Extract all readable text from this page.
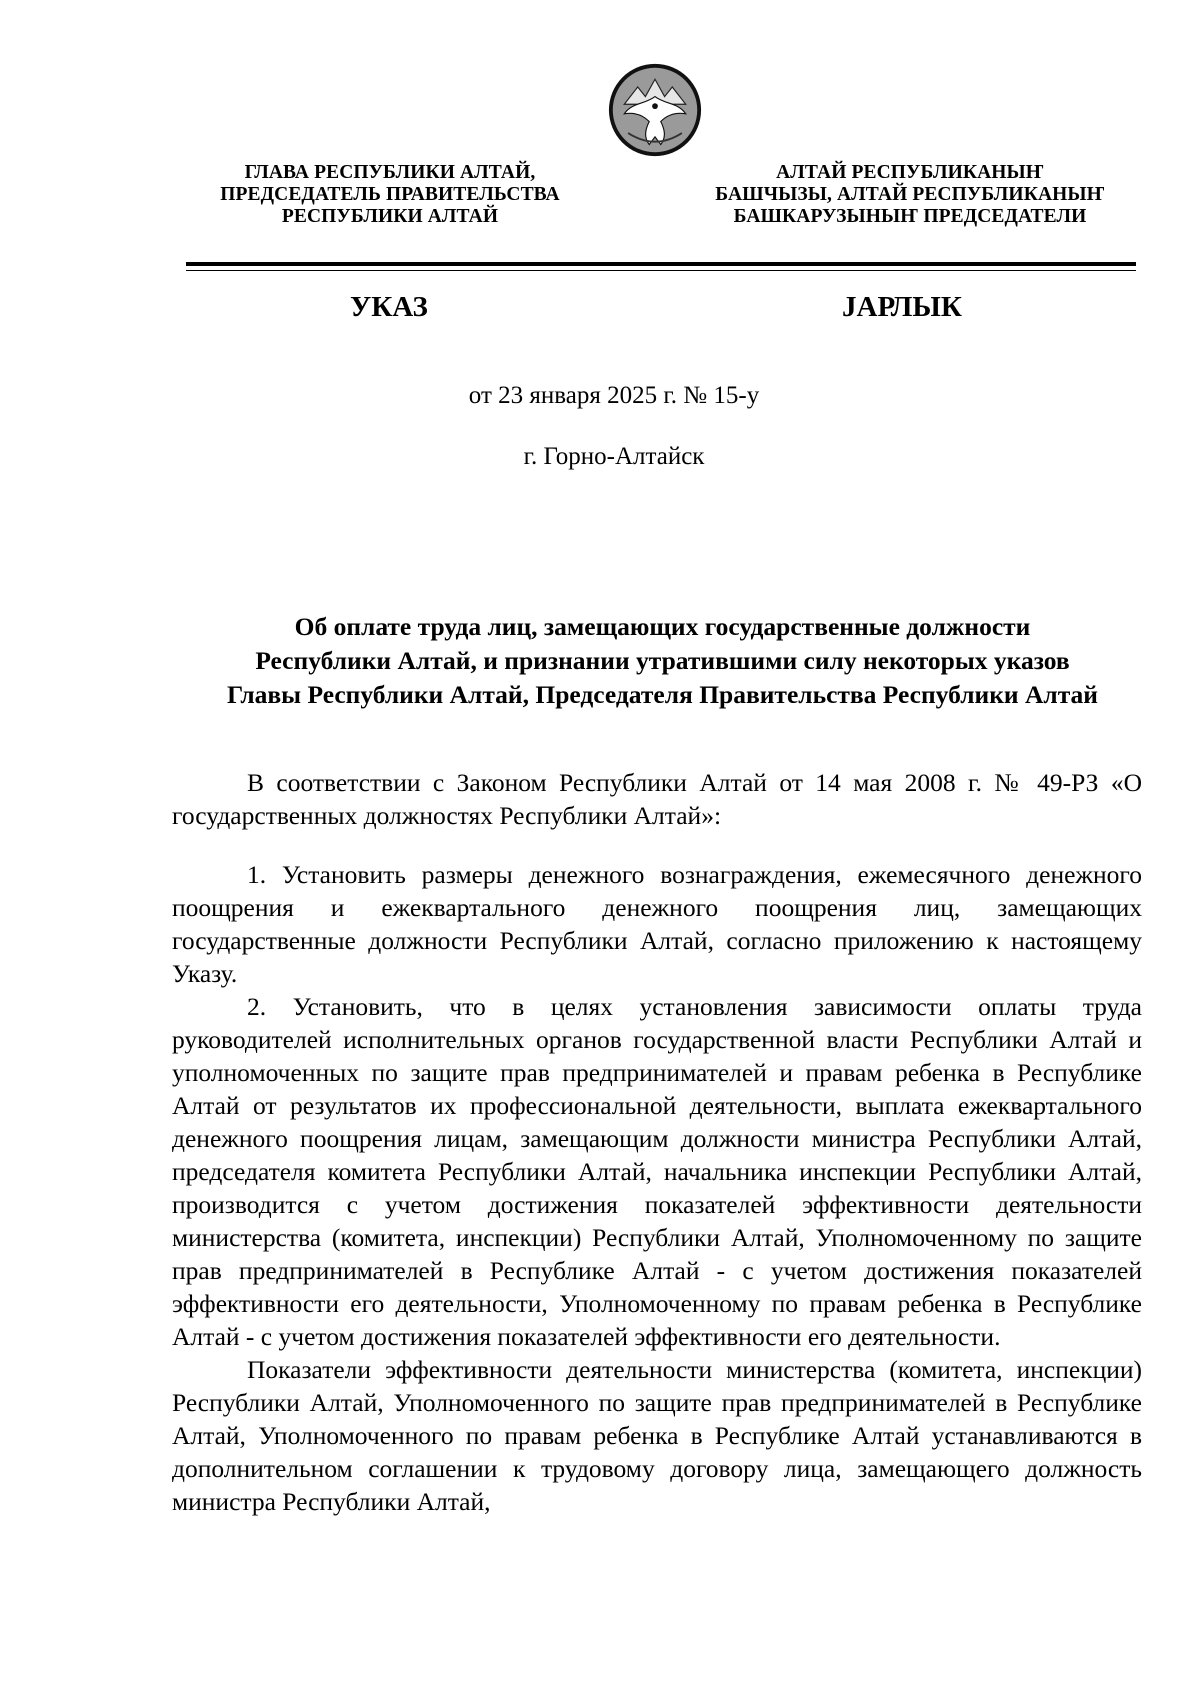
ГЛАВА РЕСПУБЛИКИ АЛТАЙ,
ПРЕДСЕДАТЕЛЬ ПРАВИТЕЛЬСТВА
РЕСПУБЛИКИ АЛТАЙ
АЛТАЙ РЕСПУБЛИКАНЫҤ
БАШЧЫЗЫ, АЛТАЙ РЕСПУБЛИКАНЫҤ
БАШКАРУЗЫНЫҤ ПРЕДСЕДАТЕЛИ
УКАЗ	ЈАРЛЫК
от 23 января 2025 г. № 15-у
г. Горно-Алтайск
Об оплате труда лиц, замещающих государственные должности
Республики Алтай, и признании утратившими силу некоторых указов
Главы Республики Алтай, Председателя Правительства Республики Алтай

В соответствии с Законом Республики Алтай от 14 мая 2008 г. № 49-РЗ «О государственных должностях Республики Алтай»:

1. Установить размеры денежного вознаграждения, ежемесячного денежного поощрения и ежеквартального денежного поощрения лиц, замещающих государственные должности Республики Алтай, согласно приложению к настоящему Указу.

2. Установить, что в целях установления зависимости оплаты труда руководителей исполнительных органов государственной власти Республики Алтай и уполномоченных по защите прав предпринимателей и правам ребенка в Республике Алтай от результатов их профессиональной деятельности, выплата ежеквартального денежного поощрения лицам, замещающим должности министра Республики Алтай, председателя комитета Республики Алтай, начальника инспекции Республики Алтай, производится с учетом достижения показателей эффективности деятельности министерства (комитета, инспекции) Республики Алтай, Уполномоченному по защите прав предпринимателей в Республике Алтай - с учетом достижения показателей эффективности его деятельности, Уполномоченному по правам ребенка в Республике Алтай - с учетом достижения показателей эффективности его деятельности.

Показатели эффективности деятельности министерства (комитета, инспекции) Республики Алтай, Уполномоченного по защите прав предпринимателей в Республике Алтай, Уполномоченного по правам ребенка в Республике Алтай устанавливаются в дополнительном соглашении к трудовому договору лица, замещающего должность министра Республики Алтай,
